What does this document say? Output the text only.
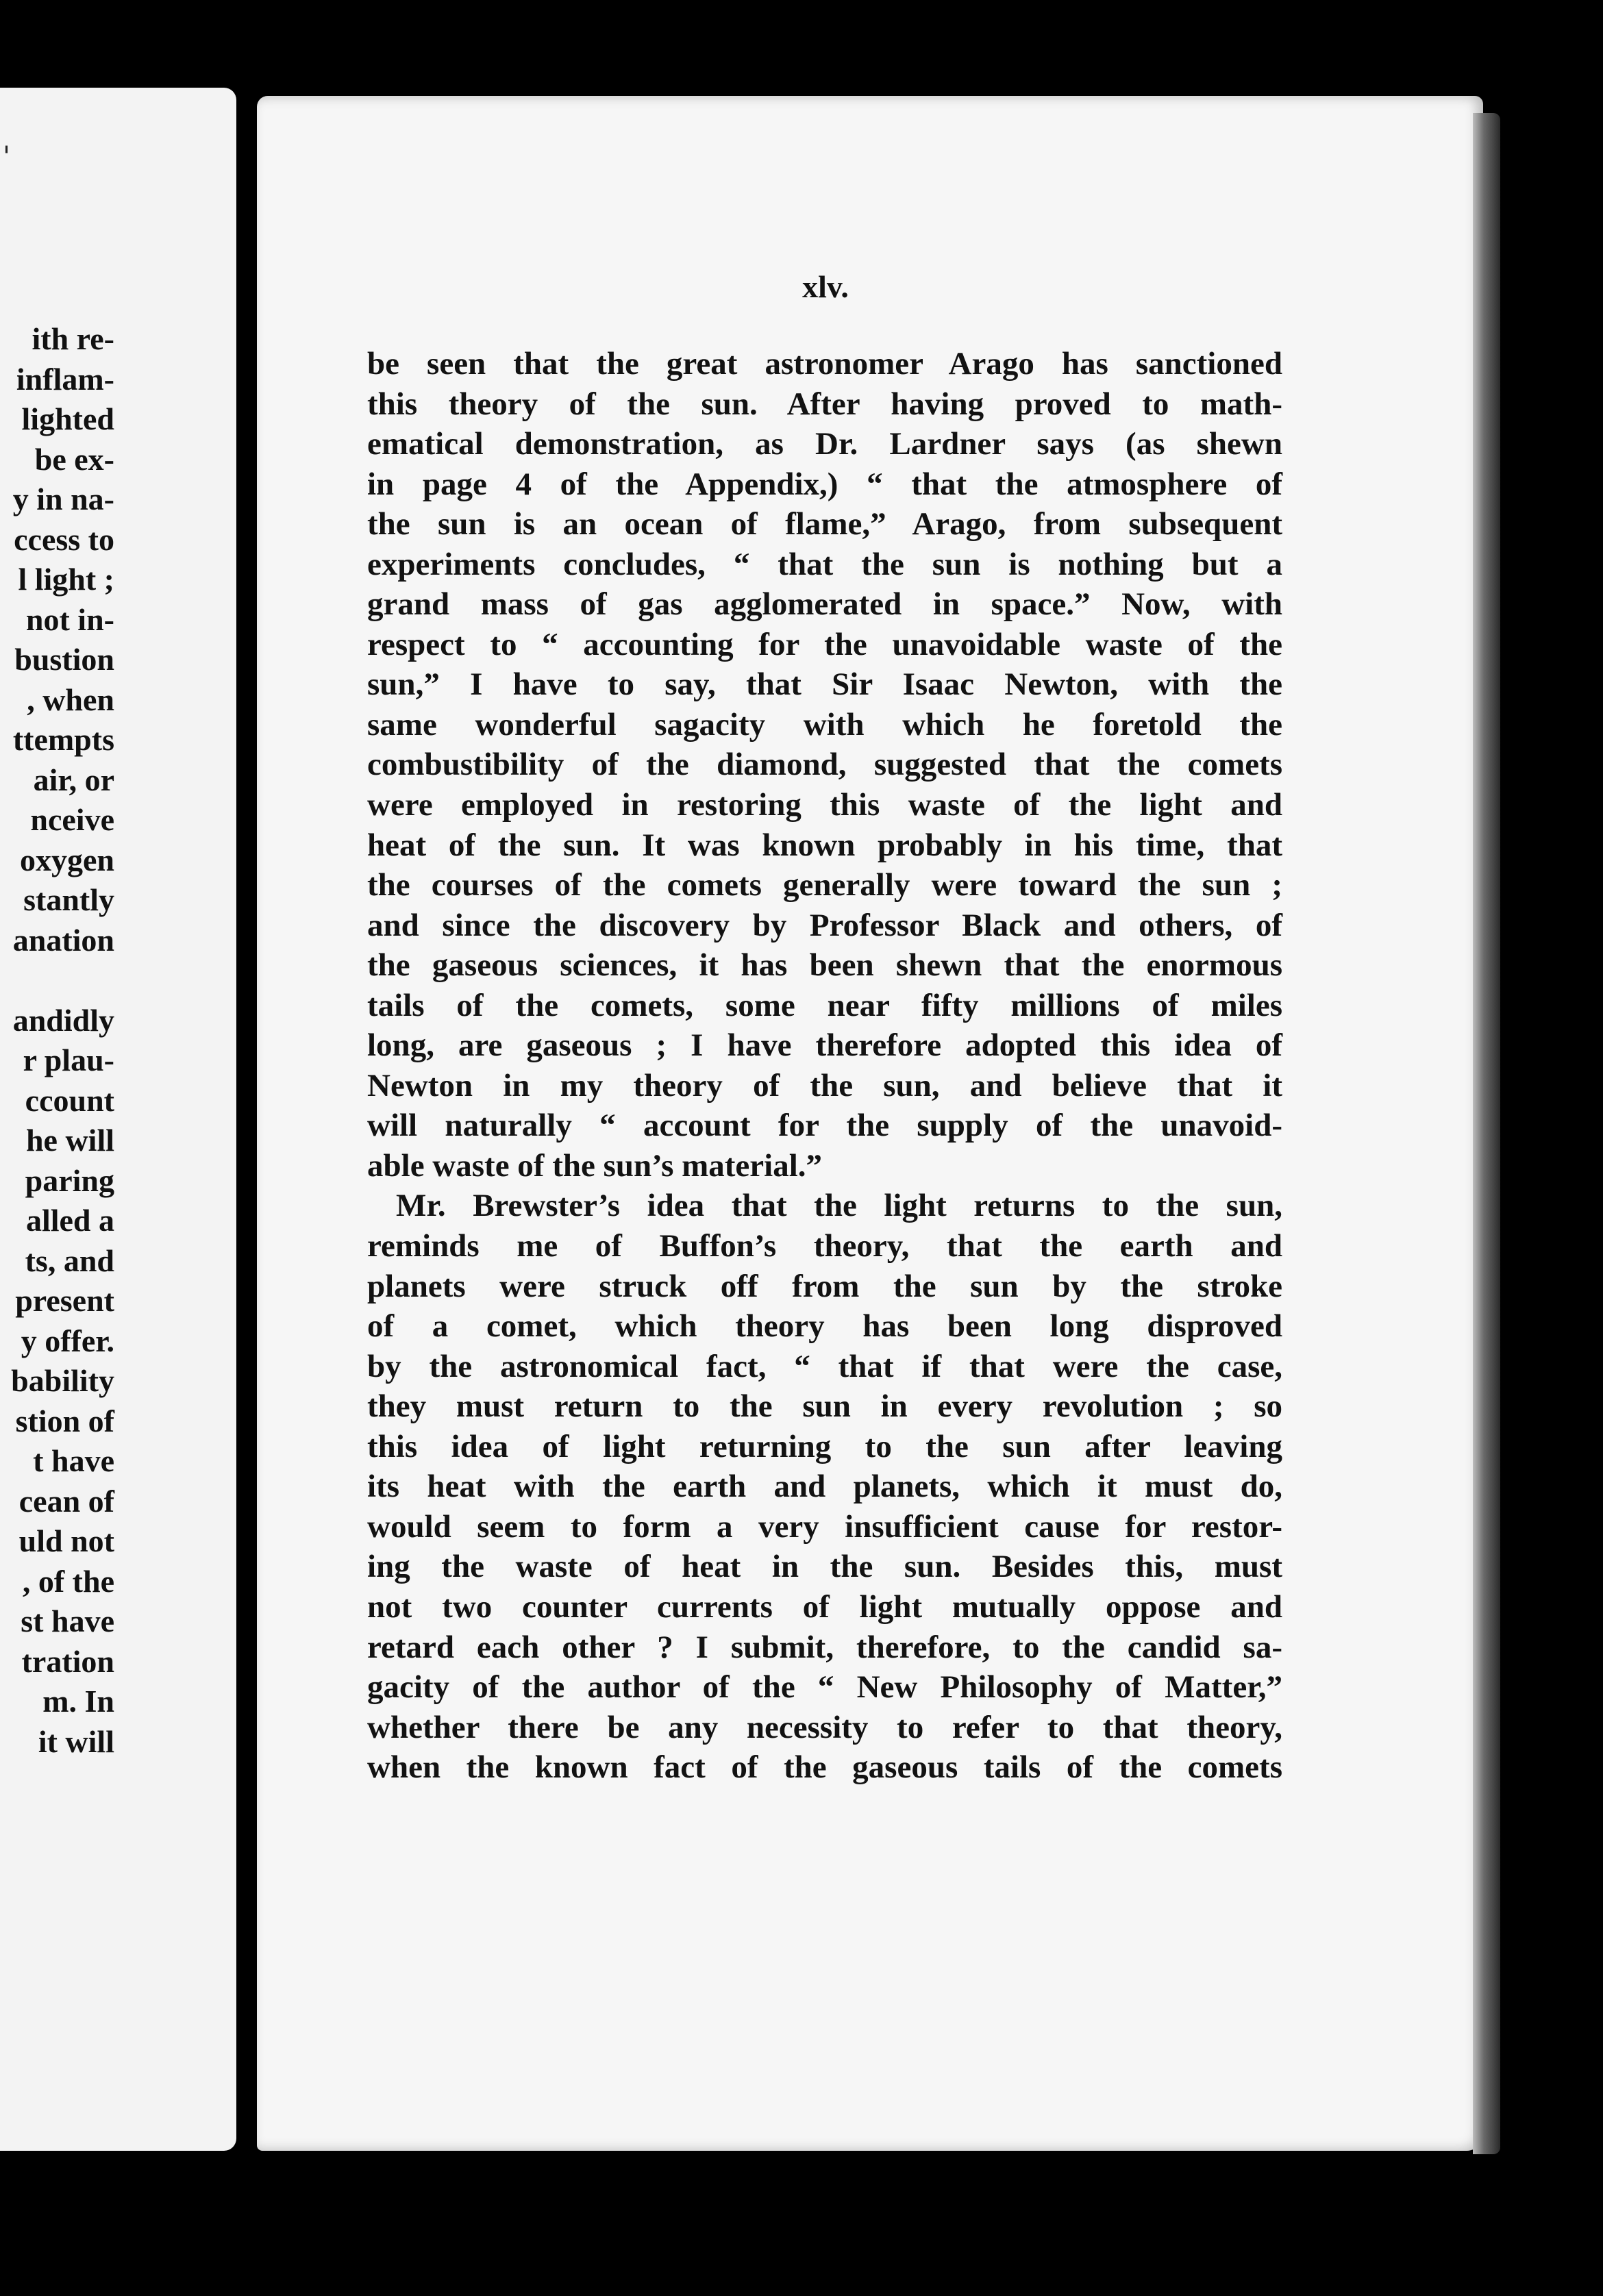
'
ith re-
inflam-
lighted
be ex-
y in na-
ccess to
l light ;
not in-
bustion
, when
ttempts
air, or
nceive
oxygen
stantly
anation
andidly
r plau-
ccount
he will
paring
alled a
ts, and
present
y offer.
bability
stion of
t have
cean of
uld not
, of the
st have
tration
m. In
it will
xlv.
be seen that the great astronomer Arago has sanctioned
this theory of the sun. After having proved to math-
ematical demonstration, as Dr. Lardner says (as shewn
in page 4 of the Appendix,) “ that the atmosphere of
the sun is an ocean of flame,” Arago, from subsequent
experiments concludes, “ that the sun is nothing but a
grand mass of gas agglomerated in space.” Now, with
respect to “ accounting for the unavoidable waste of the
sun,” I have to say, that Sir Isaac Newton, with the
same wonderful sagacity with which he foretold the
combustibility of the diamond, suggested that the comets
were employed in restoring this waste of the light and
heat of the sun. It was known probably in his time, that
the courses of the comets generally were toward the sun ;
and since the discovery by Professor Black and others, of
the gaseous sciences, it has been shewn that the enormous
tails of the comets, some near fifty millions of miles
long, are gaseous ; I have therefore adopted this idea of
Newton in my theory of the sun, and believe that it
will naturally “ account for the supply of the unavoid-
able waste of the sun’s material.”
Mr. Brewster’s idea that the light returns to the sun,
reminds me of Buffon’s theory, that the earth and
planets were struck off from the sun by the stroke
of a comet, which theory has been long disproved
by the astronomical fact, “ that if that were the case,
they must return to the sun in every revolution ; so
this idea of light returning to the sun after leaving
its heat with the earth and planets, which it must do,
would seem to form a very insufficient cause for restor-
ing the waste of heat in the sun. Besides this, must
not two counter currents of light mutually oppose and
retard each other ? I submit, therefore, to the candid sa-
gacity of the author of the “ New Philosophy of Matter,”
whether there be any necessity to refer to that theory,
when the known fact of the gaseous tails of the comets
